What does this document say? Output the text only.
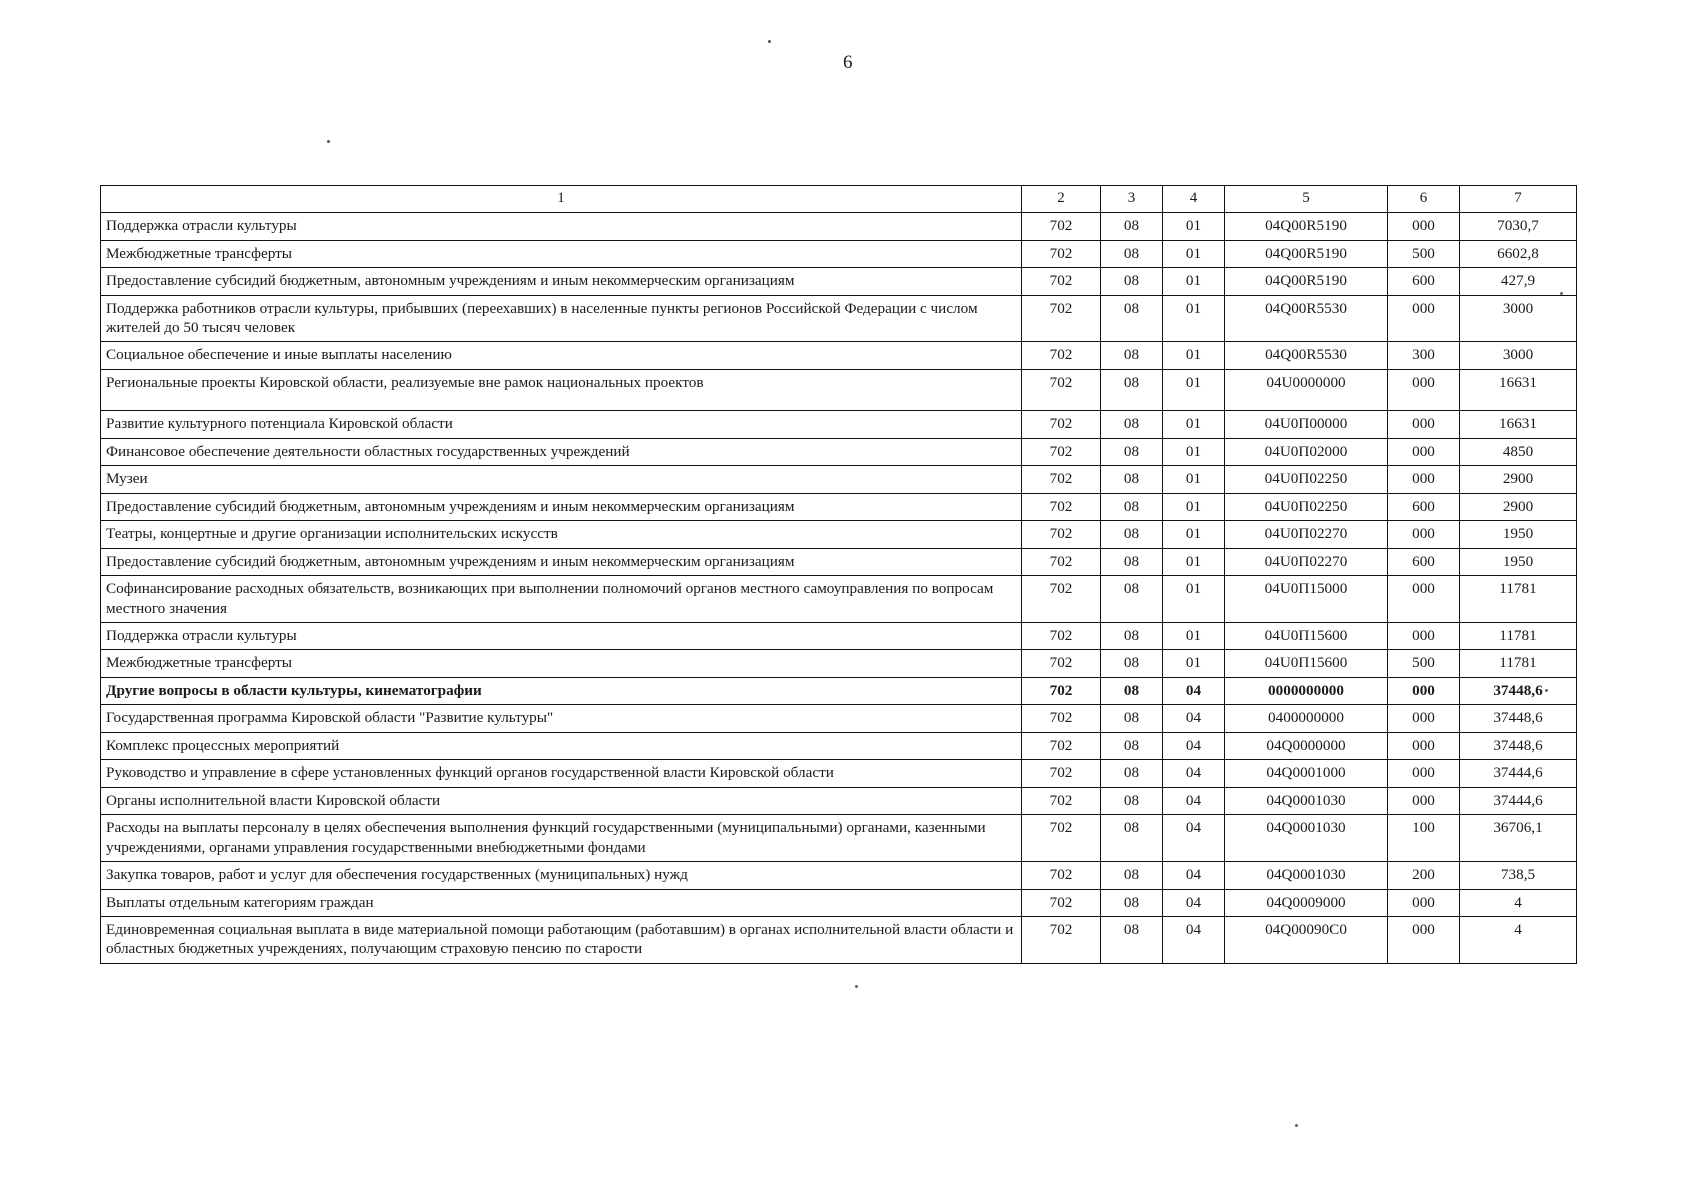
6
1	2	3	4	5	6	7
Поддержка отрасли культуры	702	08	01	04Q00R5190	000	7030,7
Межбюджетные трансферты	702	08	01	04Q00R5190	500	6602,8
Предоставление субсидий бюджетным, автономным учреждениям и иным некоммерческим организациям	702	08	01	04Q00R5190	600	427,9
Поддержка работников отрасли культуры, прибывших (переехавших) в населенные пункты регионов Российской Федерации с числом жителей до 50 тысяч человек	702	08	01	04Q00R5530	000	3000
Социальное обеспечение и иные выплаты населению	702	08	01	04Q00R5530	300	3000
Региональные проекты Кировской области, реализуемые вне рамок национальных проектов	702	08	01	04U0000000	000	16631
Развитие культурного потенциала Кировской области	702	08	01	04U0П00000	000	16631
Финансовое обеспечение деятельности областных государственных учреждений	702	08	01	04U0П02000	000	4850
Музеи	702	08	01	04U0П02250	000	2900
Предоставление субсидий бюджетным, автономным учреждениям и иным некоммерческим организациям	702	08	01	04U0П02250	600	2900
Театры, концертные и другие организации исполнительских искусств	702	08	01	04U0П02270	000	1950
Предоставление субсидий бюджетным, автономным учреждениям и иным некоммерческим организациям	702	08	01	04U0П02270	600	1950
Софинансирование расходных обязательств, возникающих при выполнении полномочий органов местного самоуправления по вопросам местного значения	702	08	01	04U0П15000	000	11781
Поддержка отрасли культуры	702	08	01	04U0П15600	000	11781
Межбюджетные трансферты	702	08	01	04U0П15600	500	11781
Другие вопросы в области культуры, кинематографии	702	08	04	0000000000	000	37448,6
Государственная программа Кировской области "Развитие культуры"	702	08	04	0400000000	000	37448,6
Комплекс процессных мероприятий	702	08	04	04Q0000000	000	37448,6
Руководство и управление в сфере установленных функций органов государственной власти Кировской области	702	08	04	04Q0001000	000	37444,6
Органы исполнительной власти Кировской области	702	08	04	04Q0001030	000	37444,6
Расходы на выплаты персоналу в целях обеспечения выполнения функций государственными (муниципальными) органами, казенными учреждениями, органами управления государственными внебюджетными фондами	702	08	04	04Q0001030	100	36706,1
Закупка товаров, работ и услуг для обеспечения государственных (муниципальных) нужд	702	08	04	04Q0001030	200	738,5
Выплаты отдельным категориям граждан	702	08	04	04Q0009000	000	4
Единовременная социальная выплата в виде материальной помощи работающим (работавшим) в органах исполнительной власти области и областных бюджетных учреждениях, получающим страховую пенсию по старости	702	08	04	04Q00090С0	000	4
